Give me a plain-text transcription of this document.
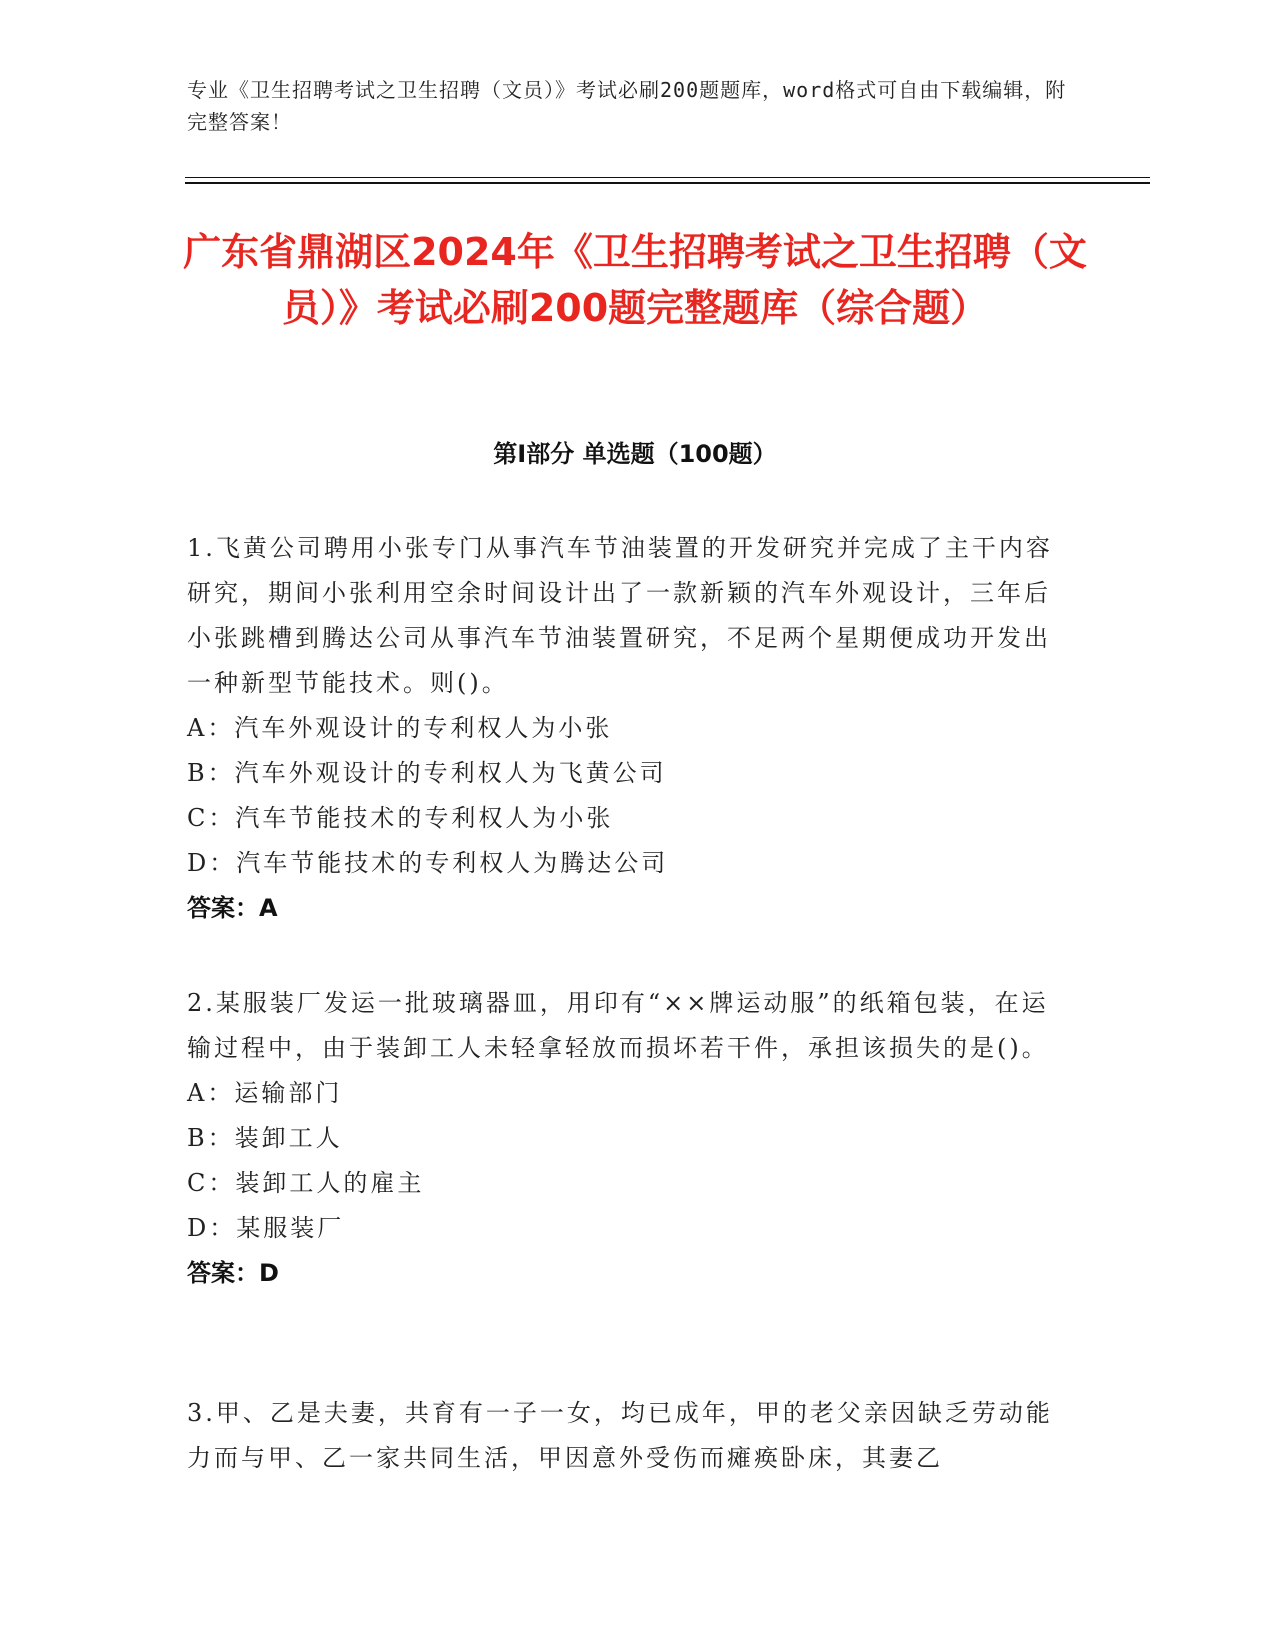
专业《卫生招聘考试之卫生招聘（文员）》考试必刷200题题库，word格式可自由下载编辑，附完整答案！
广东省鼎湖区2024年《卫生招聘考试之卫生招聘（文员）》考试必刷200题完整题库（综合题）
第Ⅰ部分 单选题（100题）

1.飞黄公司聘用小张专门从事汽车节油装置的开发研究并完成了主干内容研究，期间小张利用空余时间设计出了一款新颖的汽车外观设计，三年后小张跳槽到腾达公司从事汽车节油装置研究，不足两个星期便成功开发出一种新型节能技术。则()。

A：汽车外观设计的专利权人为小张

B：汽车外观设计的专利权人为飞黄公司

C：汽车节能技术的专利权人为小张

D：汽车节能技术的专利权人为腾达公司

答案：A

2.某服装厂发运一批玻璃器皿，用印有“××牌运动服”的纸箱包装，在运输过程中，由于装卸工人未轻拿轻放而损坏若干件，承担该损失的是()。

A：运输部门

B：装卸工人

C：装卸工人的雇主

D：某服装厂

答案：D

3.甲、乙是夫妻，共育有一子一女，均已成年，甲的老父亲因缺乏劳动能力而与甲、乙一家共同生活，甲因意外受伤而瘫痪卧床，其妻乙
